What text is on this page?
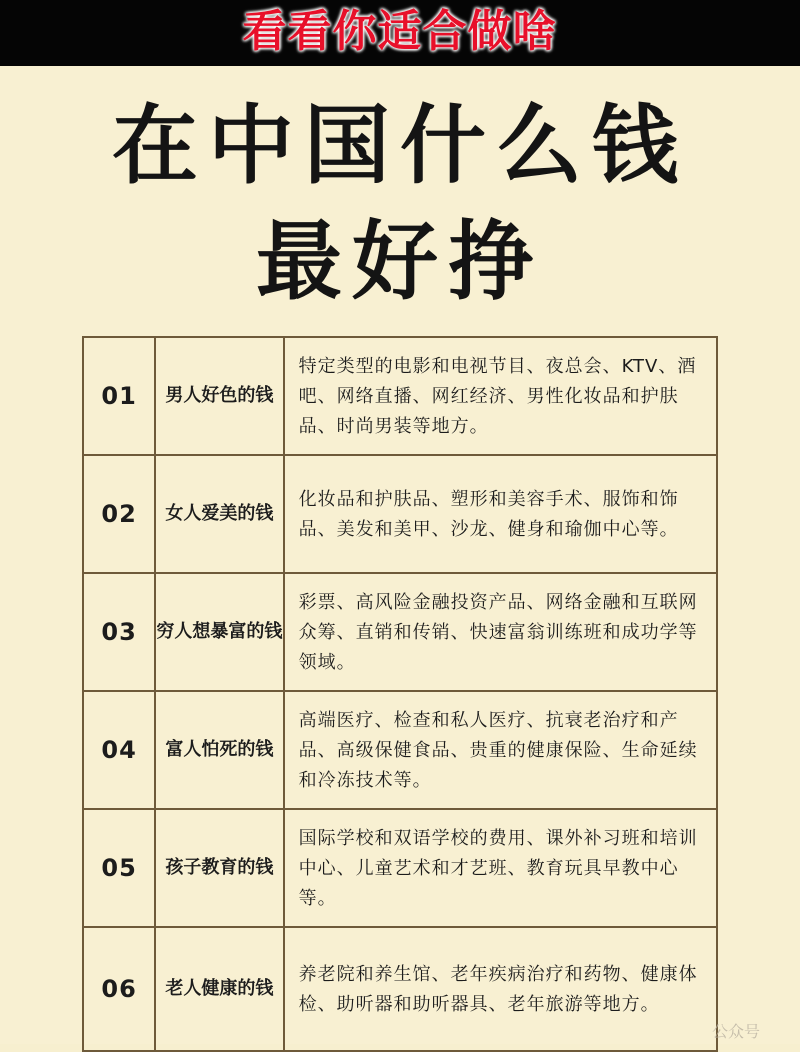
看看你适合做啥
在中国什么钱
最好挣
01	男人好色的钱	特定类型的电影和电视节目、夜总会、KTV、酒吧、网络直播、网红经济、男性化妆品和护肤品、时尚男装等地方。
02	女人爱美的钱	化妆品和护肤品、塑形和美容手术、服饰和饰品、美发和美甲、沙龙、健身和瑜伽中心等。
03	穷人想暴富的钱	彩票、高风险金融投资产品、网络金融和互联网众筹、直销和传销、快速富翁训练班和成功学等领域。
04	富人怕死的钱	高端医疗、检查和私人医疗、抗衰老治疗和产品、高级保健食品、贵重的健康保险、生命延续和冷冻技术等。
05	孩子教育的钱	国际学校和双语学校的费用、课外补习班和培训中心、儿童艺术和才艺班、教育玩具早教中心等。
06	老人健康的钱	养老院和养生馆、老年疾病治疗和药物、健康体检、助听器和助听器具、老年旅游等地方。
公众号
